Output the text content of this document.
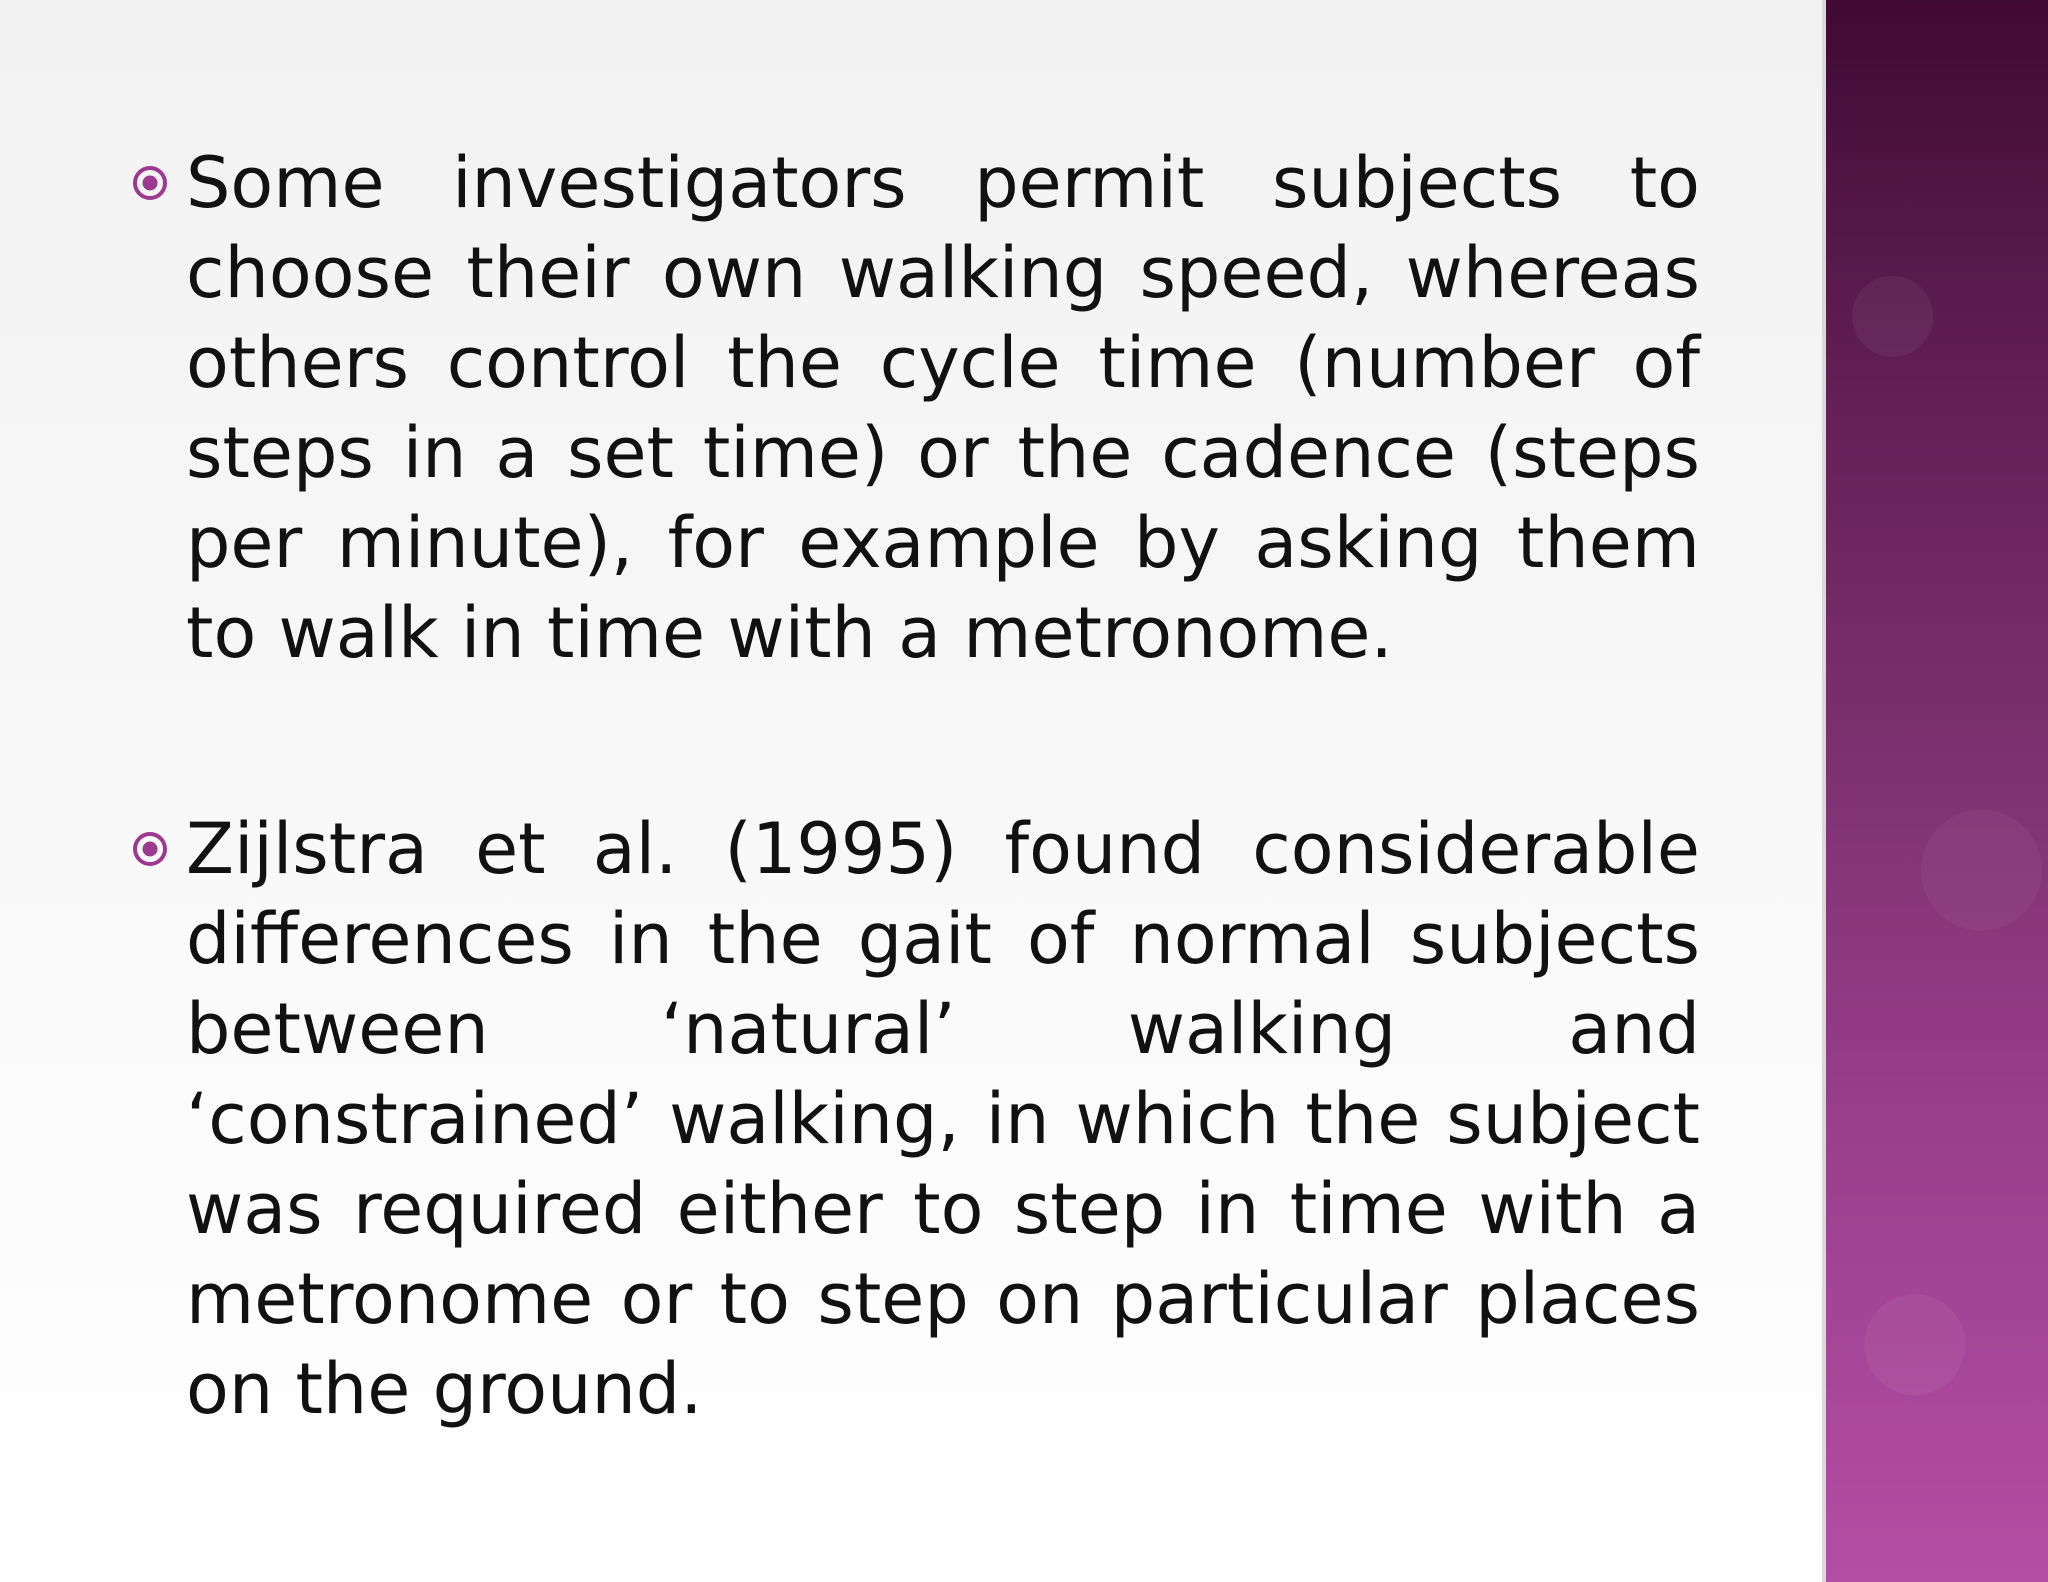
Some investigators permit subjects to choose their own walking speed, whereas others control the cycle time (number of steps in a set time) or the cadence (steps per minute), for example by asking them to walk in time with a metronome.
Zijlstra et al. (1995) found considerable differences in the gait of normal subjects between ‘natural’ walking and ‘constrained’ walking, in which the subject was required either to step in time with a metronome or to step on particular places on the ground.
